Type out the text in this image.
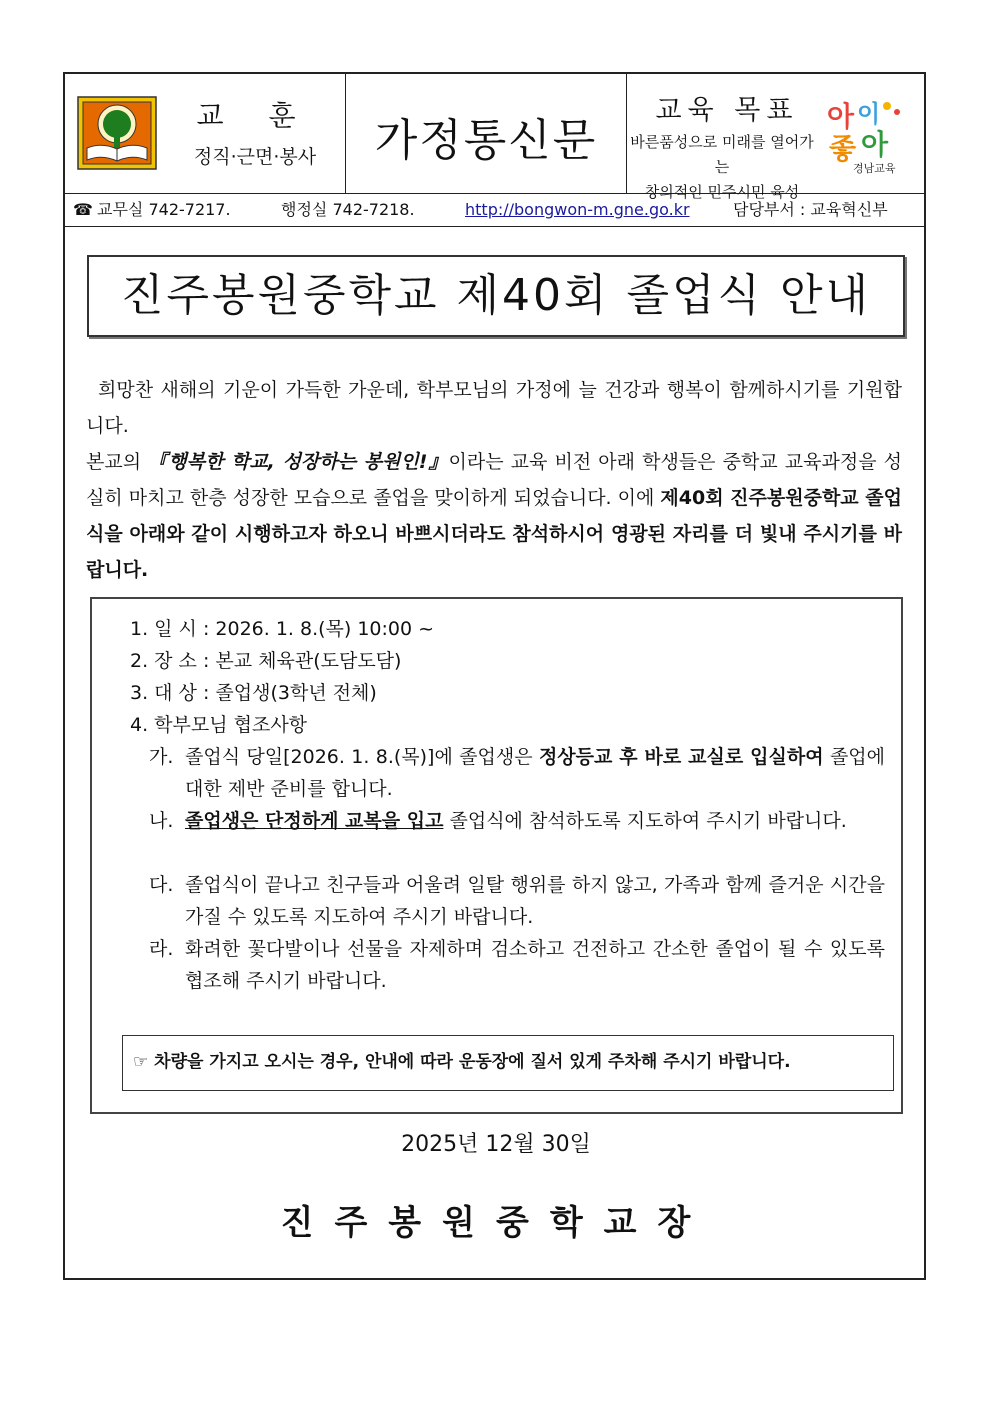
교 훈
정직·근면·봉사	가정통신문
교육 목표
바른품성으로 미래를 열어가는
창의적인 민주시민 육성
아 이
좋 아
경남교육
☎ 교무실 742-7217.	행정실 742-7218.	http://bongwon-m.gne.go.kr	담당부서 : 교육혁신부
진주봉원중학교 제40회 졸업식 안내
희망찬 새해의 기운이 가득한 가운데, 학부모님의 가정에 늘 건강과 행복이 함께하시기를 기원합니다.
본교의 『행복한 학교, 성장하는 봉원인!』이라는 교육 비전 아래 학생들은 중학교 교육과정을 성실히 마치고 한층 성장한 모습으로 졸업을 맞이하게 되었습니다. 이에 제40회 진주봉원중학교 졸업식을 아래와 같이 시행하고자 하오니 바쁘시더라도 참석하시어 영광된 자리를 더 빛내 주시기를 바랍니다.
1. 일 시 : 2026. 1. 8.(목) 10:00 ~
2. 장 소 : 본교 체육관(도담도담)
3. 대 상 : 졸업생(3학년 전체)
4. 학부모님 협조사항
가. 졸업식 당일[2026. 1. 8.(목)]에 졸업생은 정상등교 후 바로 교실로 입실하여 졸업에 대한 제반 준비를 합니다.
나. 졸업생은 단정하게 교복을 입고 졸업식에 참석하도록 지도하여 주시기 바랍니다.
다. 졸업식이 끝나고 친구들과 어울려 일탈 행위를 하지 않고, 가족과 함께 즐거운 시간을 가질 수 있도록 지도하여 주시기 바랍니다.
라. 화려한 꽃다발이나 선물을 자제하며 검소하고 건전하고 간소한 졸업이 될 수 있도록 협조해 주시기 바랍니다.
☞ 차량을 가지고 오시는 경우, 안내에 따라 운동장에 질서 있게 주차해 주시기 바랍니다.
2025년 12월 30일
진주봉원중학교장
